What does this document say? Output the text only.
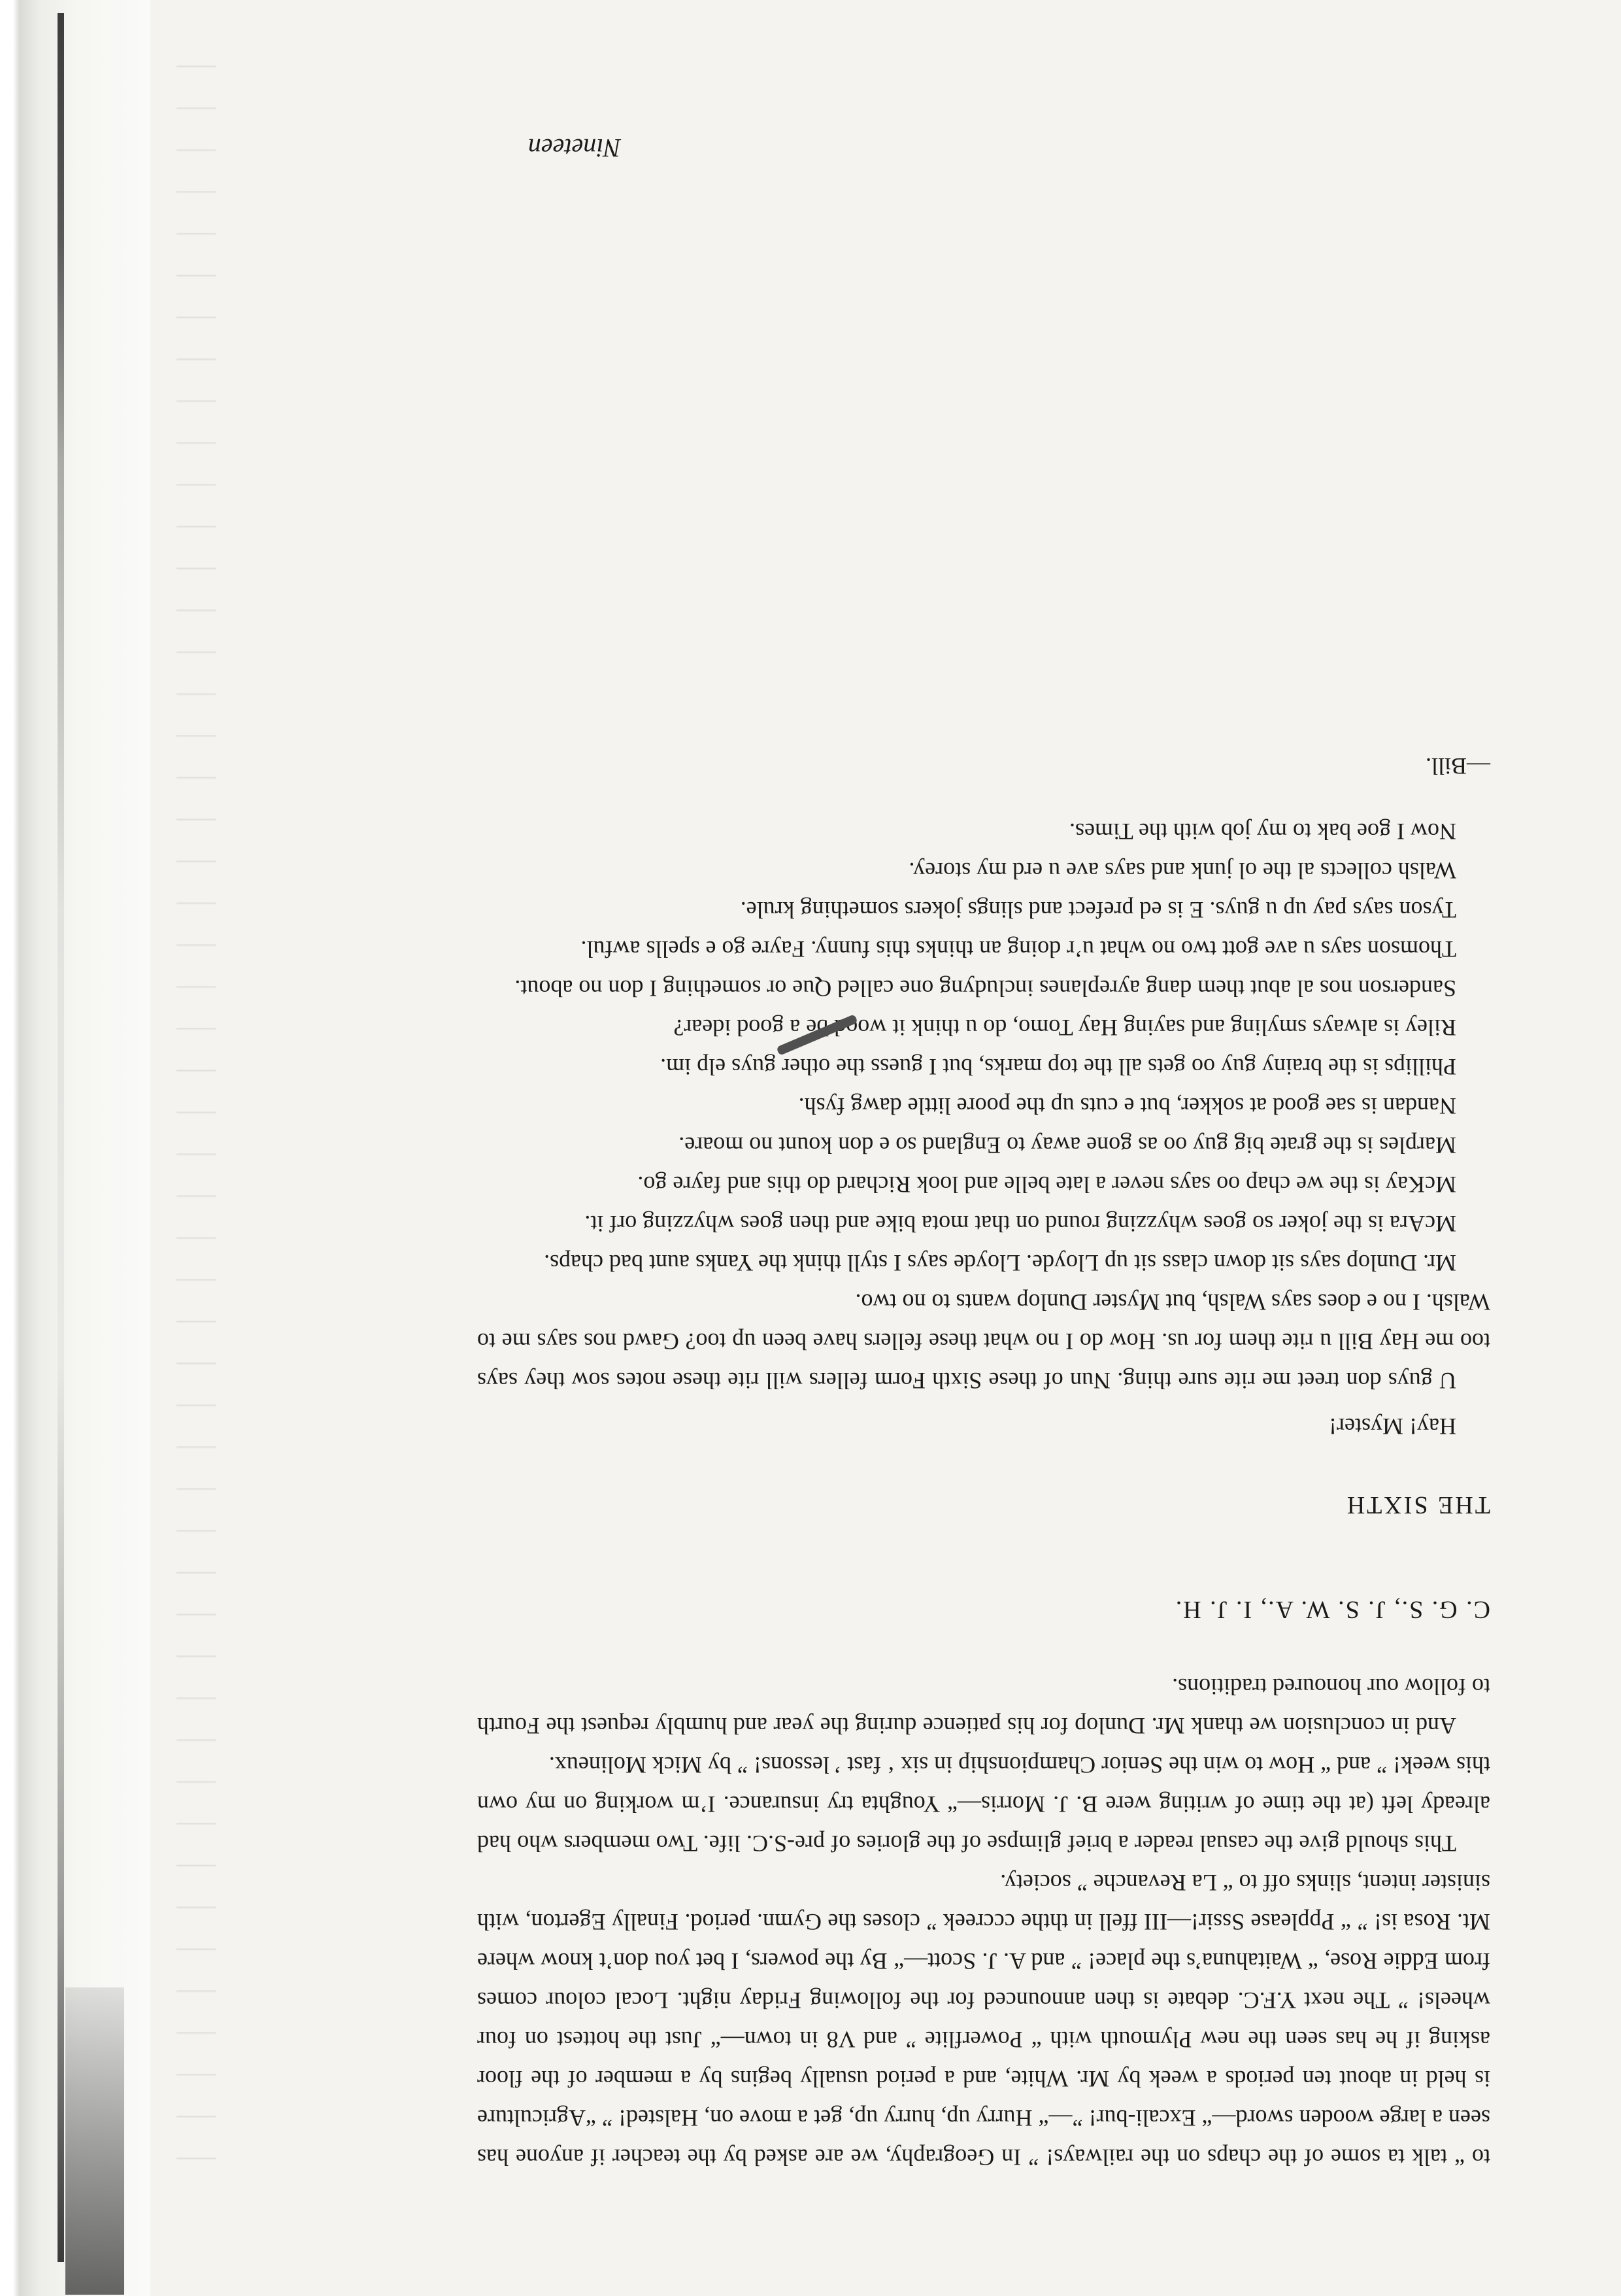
to “ talk ta some of the chaps on the railways! ” In Geography, we are asked by the teacher if anyone has seen a large wooden sword—“ Excali-bur! ”—“ Hurry up, hurry up, get a move on, Halsted! ” “Agriculture is held in about ten periods a week by Mr. White, and a period usually begins by a member of the floor asking if he has seen the new Plymouth with “ Powerflite ” and V8 in town—“ Just the hottest on four wheels! ” The next Y.F.C. debate is then announced for the following Friday night. Local colour comes from Eddie Rose, “ Waitahuna’s the place! ” and A. J. Scott—“ By the powers, I bet you don’t know where Mt. Rosa is! ” “ Ppplease Sssir!—III ffell in ththe cccreek ” closes the Gymn. period. Finally Egerton, with sinister intent, slinks off to “ La Revanche ” society.

This should give the casual reader a brief glimpse of the glories of pre-S.C. life. Two members who had already left (at the time of writing were B. J. Morris—“ Youghta try insurance. I’m working on my own this week! ” and “ How to win the Senior Championship in six ‘ fast ’ lessons! ” by Mick Molineux.

And in conclusion we thank Mr. Dunlop for his patience during the year and humbly request the Fourth to follow our honoured traditions.

C. G. S., J. S. W. A., I. J. H.

THE SIXTH

Hay! Myster!

U guys don treet me rite sure thing. Nun of these Sixth Form fellers will rite these notes sow they says too me Hay Bill u rite them for us. How do I no what these fellers have been up too? Gawd nos says me to Walsh. I no e does says Walsh, but Myster Dunlop wants to no two.

Mr. Dunlop says sit down class sit up Lloyde. Lloyde says I styll think the Yanks aunt bad chaps.

McAra is the joker so goes whyzzing round on that mota bike and then goes whyzzing orf it.

McKay is the we chap oo says never a late belle and look Richard do this and fayre go.

Marples is the grate big guy oo as gone away to England so e don kount no moare.

Nandan is sae good at sokker, but e cuts up the poore little dawg fysh.

Phillips is the brainy guy oo gets all the top marks, but I guess the other guys elp im.

Riley is always smyling and saying Hay Tomo, do u think it wood be a good idear?

Sanderson nos al abut them dang ayreplanes includyng one called Que or something I don no about.

Thomson says u ave gott two no what u’r doing an thinks this funny. Fayre go e spells awful.

Tyson says pay up u guys. E is ed prefect and slings jokers something krule.

Walsh collects al the ol junk and says ave u erd my storey.

Now I goe bak to my job with the Times.

—Bill.

Nineteen
